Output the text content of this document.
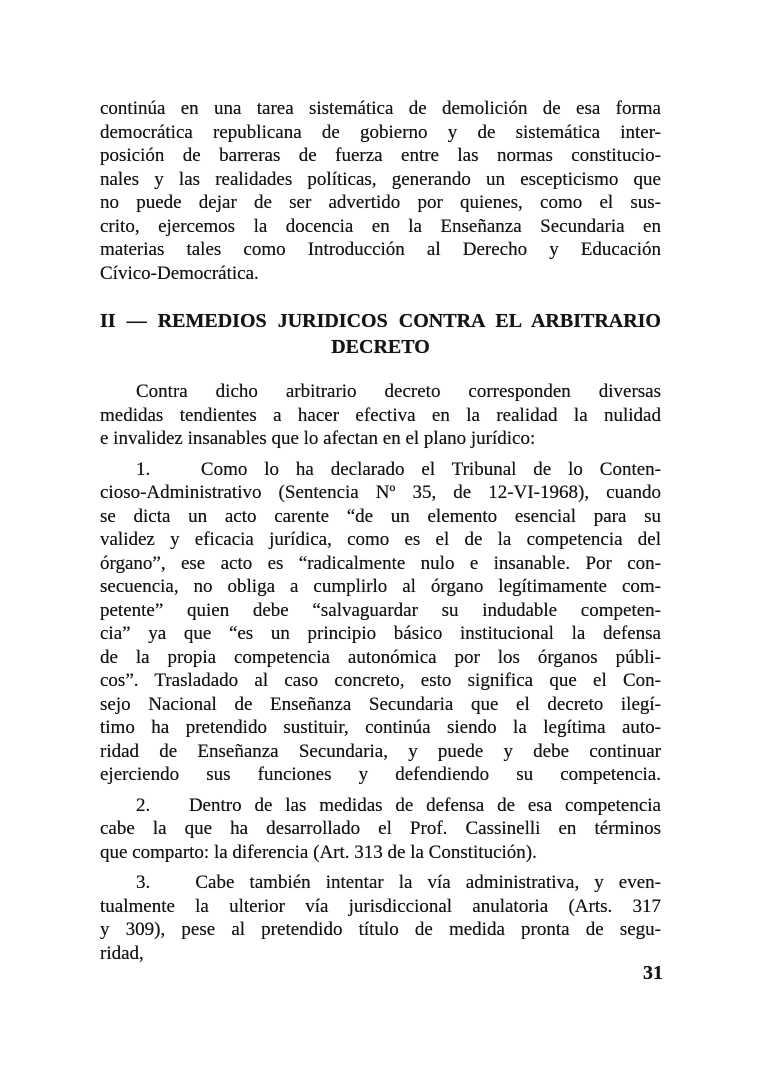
continúa en una tarea sistemática de demolición de esa forma
democrática republicana de gobierno y de sistemática inter-
posición de barreras de fuerza entre las normas constitucio-
nales y las realidades políticas, generando un escepticismo que
no puede dejar de ser advertido por quienes, como el sus-
crito, ejercemos la docencia en la Enseñanza Secundaria en
materias tales como Introducción al Derecho y Educación
Cívico-Democrática.
II — REMEDIOS JURIDICOS CONTRA EL ARBITRARIO
DECRETO
Contra dicho arbitrario decreto corresponden diversas
medidas tendientes a hacer efectiva en la realidad la nulidad
e invalidez insanables que lo afectan en el plano jurídico:
1.   Como lo ha declarado el Tribunal de lo Conten-
cioso-Administrativo (Sentencia Nº 35, de 12-VI-1968), cuando
se dicta un acto carente “de un elemento esencial para su
validez y eficacia jurídica, como es el de la competencia del
órgano”, ese acto es “radicalmente nulo e insanable. Por con-
secuencia, no obliga a cumplirlo al órgano legítimamente com-
petente” quien debe “salvaguardar su indudable competen-
cia” ya que “es un principio básico institucional la defensa
de la propia competencia autonómica por los órganos públi-
cos”. Trasladado al caso concreto, esto significa que el Con-
sejo Nacional de Enseñanza Secundaria que el decreto ilegí-
timo ha pretendido sustituir, continúa siendo la legítima auto-
ridad de Enseñanza Secundaria, y puede y debe continuar
ejerciendo sus funciones y defendiendo su competencia.
2.   Dentro de las medidas de defensa de esa competencia
cabe la que ha desarrollado el Prof. Cassinelli en términos
que comparto: la diferencia (Art. 313 de la Constitución).
3.   Cabe también intentar la vía administrativa, y even-
tualmente la ulterior vía jurisdiccional anulatoria (Arts. 317
y 309), pese al pretendido título de medida pronta de segu-
ridad,
31
